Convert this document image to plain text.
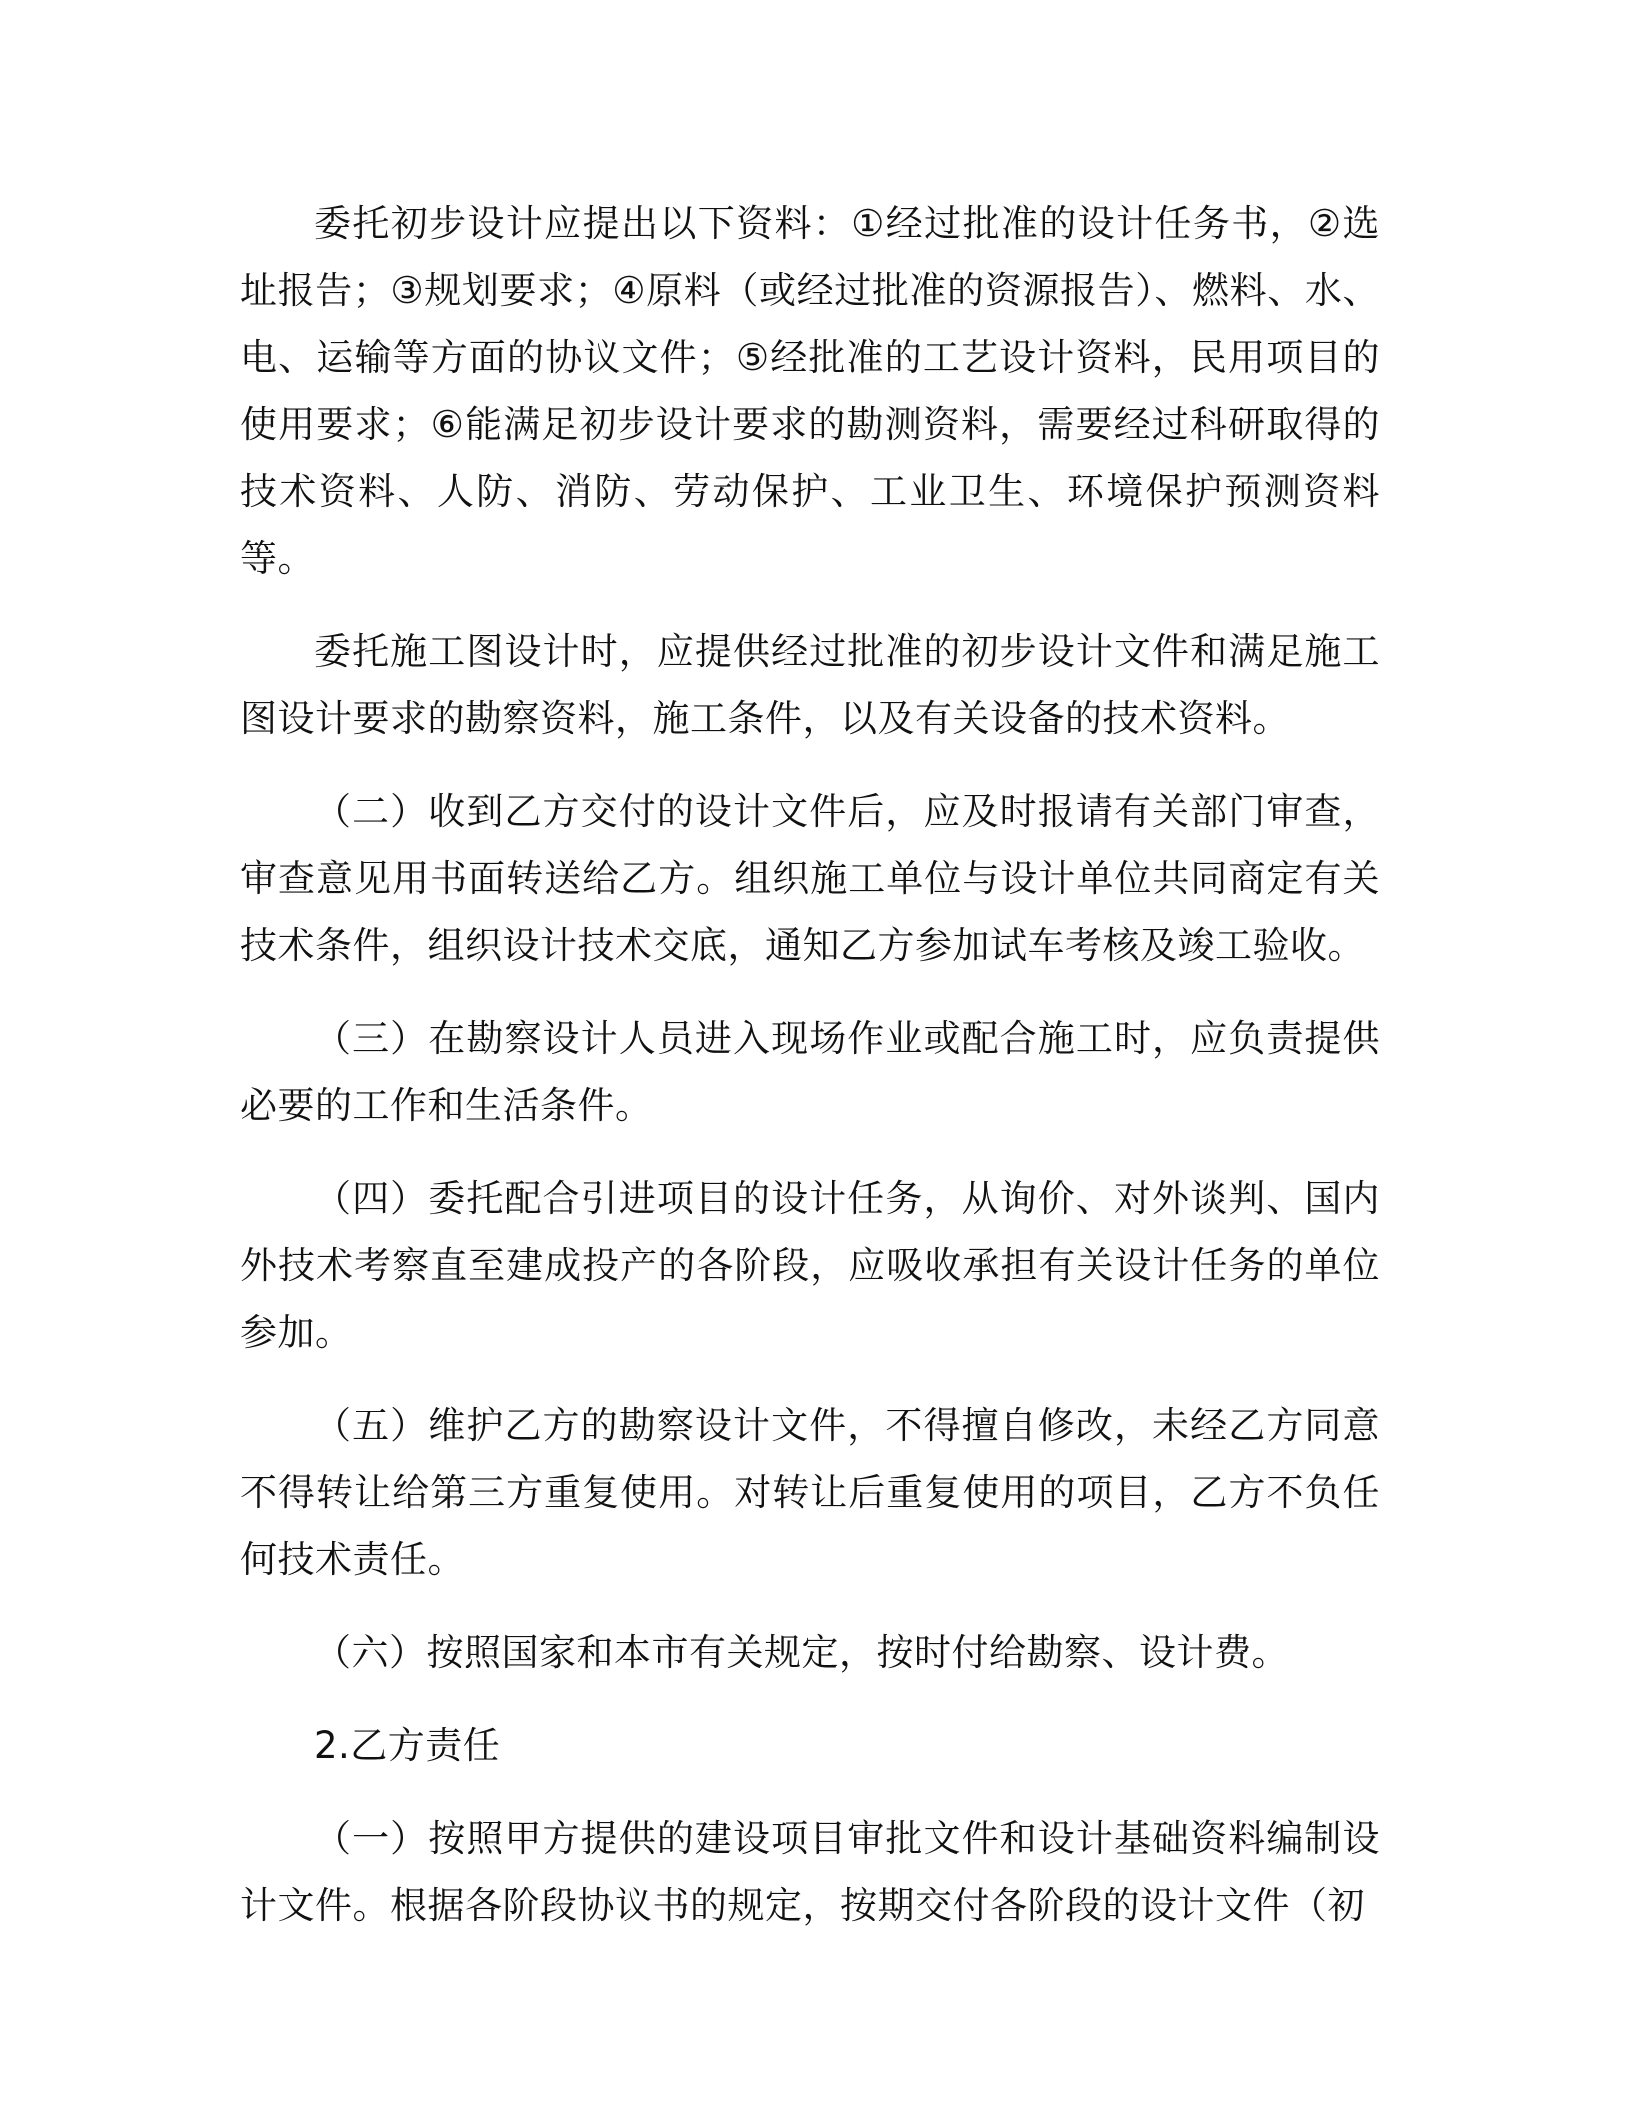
委托初步设计应提出以下资料：①经过批准的设计任务书，②选址报告；③规划要求；④原料（或经过批准的资源报告）、燃料、水、电、运输等方面的协议文件；⑤经批准的工艺设计资料，民用项目的使用要求；⑥能满足初步设计要求的勘测资料，需要经过科研取得的技术资料、人防、消防、劳动保护、工业卫生、环境保护预测资料等。

委托施工图设计时，应提供经过批准的初步设计文件和满足施工图设计要求的勘察资料，施工条件，以及有关设备的技术资料。

（二）收到乙方交付的设计文件后，应及时报请有关部门审查，审查意见用书面转送给乙方。组织施工单位与设计单位共同商定有关技术条件，组织设计技术交底，通知乙方参加试车考核及竣工验收。

（三）在勘察设计人员进入现场作业或配合施工时，应负责提供必要的工作和生活条件。

（四）委托配合引进项目的设计任务，从询价、对外谈判、国内外技术考察直至建成投产的各阶段，应吸收承担有关设计任务的单位参加。

（五）维护乙方的勘察设计文件，不得擅自修改，未经乙方同意不得转让给第三方重复使用。对转让后重复使用的项目，乙方不负任何技术责任。

（六）按照国家和本市有关规定，按时付给勘察、设计费。

2.乙方责任

（一）按照甲方提供的建设项目审批文件和设计基础资料编制设计文件。根据各阶段协议书的规定，按期交付各阶段的设计文件（初
